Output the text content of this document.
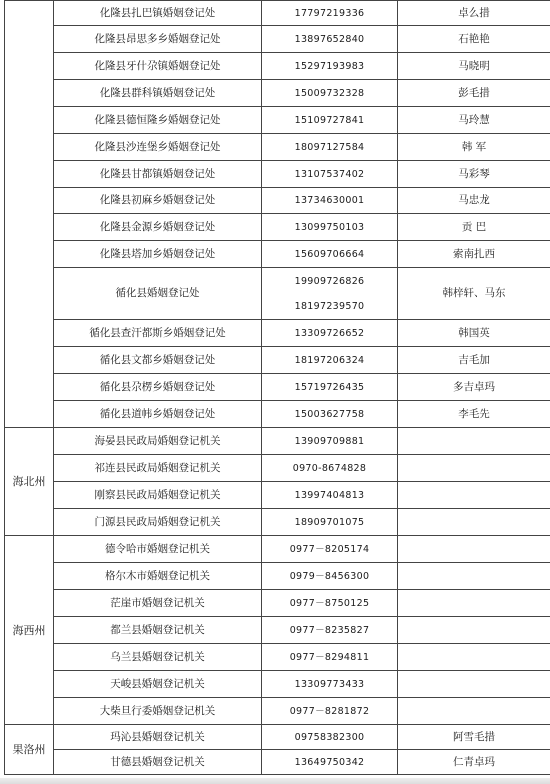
	化隆县扎巴镇婚姻登记处	17797219336	卓么措
	化隆县昂思多乡婚姻登记处	13897652840	石艳艳
	化隆县牙什尕镇婚姻登记处	15297193983	马晓明
	化隆县群科镇婚姻登记处	15009732328	彭毛措
	化隆县德恒隆乡婚姻登记处	15109727841	马玲慧
	化隆县沙连堡乡婚姻登记处	18097127584	韩 军
	化隆县甘都镇婚姻登记处	13107537402	马彩琴
	化隆县初麻乡婚姻登记处	13734630001	马忠龙
	化隆县金源乡婚姻登记处	13099750103	贡 巴
	化隆县塔加乡婚姻登记处	15609706664	索南扎西
	循化县婚姻登记处	19909726826
18197239570	韩梓轩、马东
	循化县查汗都斯乡婚姻登记处	13309726652	韩国英
	循化县文都乡婚姻登记处	18197206324	吉毛加
	循化县尕楞乡婚姻登记处	15719726435	多吉卓玛
	循化县道帏乡婚姻登记处	15003627758	李毛先
海北州	海晏县民政局婚姻登记机关	13909709881	

	祁连县民政局婚姻登记机关	0970-8674828	

	刚察县民政局婚姻登记机关	13997404813	

	门源县民政局婚姻登记机关	18909701075	

海西州	德令哈市婚姻登记机关	0977－8205174	

	格尔木市婚姻登记机关	0979－8456300	

	茫崖市婚姻登记机关	0977－8750125	

	都兰县婚姻登记机关	0977－8235827	

	乌兰县婚姻登记机关	0977－8294811	

	天峻县婚姻登记机关	13309773433	

	大柴旦行委婚姻登记机关	0977－8281872	

果洛州	玛沁县婚姻登记机关	09758382300	阿雪毛措
	甘德县婚姻登记机关	13649750342	仁青卓玛
